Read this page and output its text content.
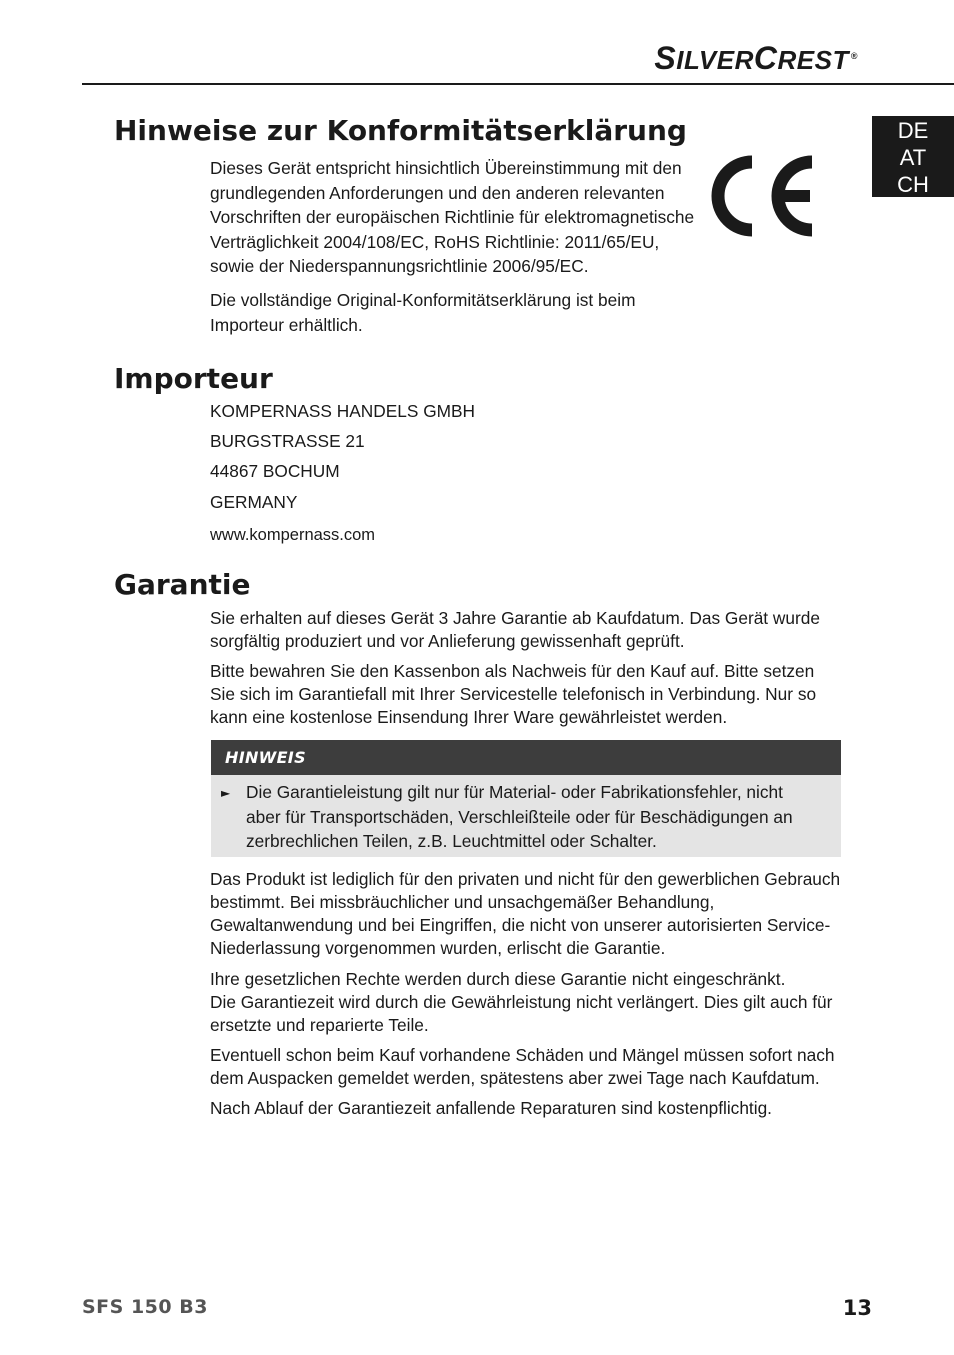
SILVERCREST ®
DE
AT
CH
Hinweise zur Konformitätserklärung

Dieses Gerät entspricht hinsichtlich Übereinstimmung mit den grundlegenden Anforderungen und den anderen relevanten Vorschriften der europäischen Richtlinie für elektromagnetische Verträglichkeit 2004/108/EC, RoHS Richtlinie: 2011/65/EU, sowie der Niederspannungsrichtlinie 2006/95/EC.

Die vollständige Original-Konformitätserklärung ist beim Importeur erhältlich.

Importeur
KOMPERNASS HANDELS GMBH
BURGSTRASSE 21
44867 BOCHUM
GERMANY
www.kompernass.com
Garantie

Sie erhalten auf dieses Gerät 3 Jahre Garantie ab Kaufdatum. Das Gerät wurde sorgfältig produziert und vor Anlieferung gewissenhaft geprüft.

Bitte bewahren Sie den Kassenbon als Nachweis für den Kauf auf. Bitte setzen Sie sich im Garantiefall mit Ihrer Servicestelle telefonisch in Verbindung. Nur so kann eine kostenlose Einsendung Ihrer Ware gewährleistet werden.

HINWEIS
► Die Garantieleistung gilt nur für Material- oder Fabrikationsfehler, nicht aber für Transportschäden, Verschleißteile oder für Beschädigungen an zerbrechlichen Teilen, z.B. Leuchtmittel oder Schalter.

Das Produkt ist lediglich für den privaten und nicht für den gewerblichen Gebrauch bestimmt. Bei missbräuchlicher und unsachgemäßer Behandlung, Gewaltanwendung und bei Eingriffen, die nicht von unserer autorisierten Service-Niederlassung vorgenommen wurden, erlischt die Garantie.

Ihre gesetzlichen Rechte werden durch diese Garantie nicht eingeschränkt.

Die Garantiezeit wird durch die Gewährleistung nicht verlängert. Dies gilt auch für ersetzte und reparierte Teile.

Eventuell schon beim Kauf vorhandene Schäden und Mängel müssen sofort nach dem Auspacken gemeldet werden, spätestens aber zwei Tage nach Kaufdatum.

Nach Ablauf der Garantiezeit anfallende Reparaturen sind kostenpflichtig.

SFS 150 B3	13
